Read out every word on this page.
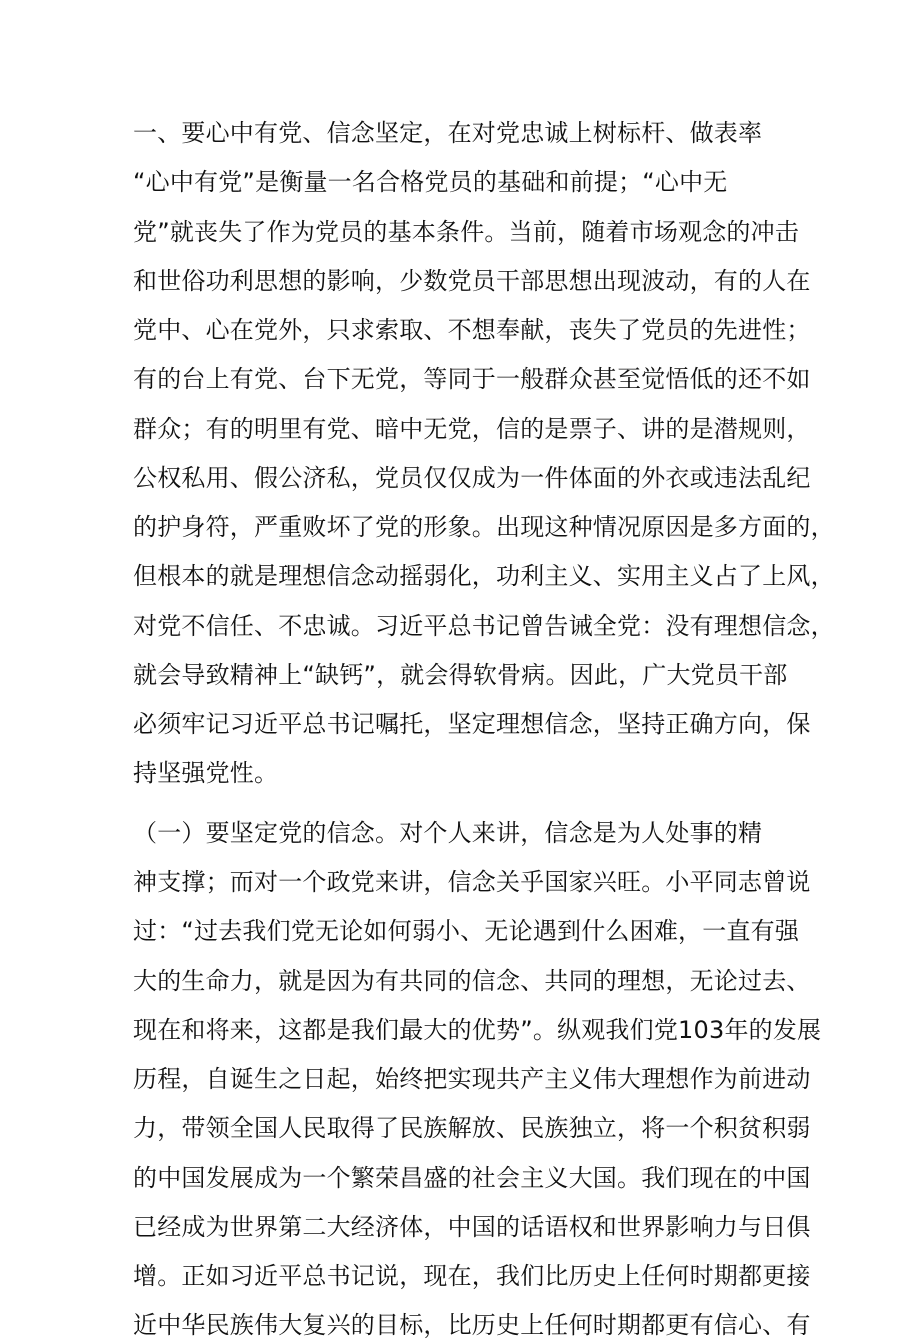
一、要心中有党、信念坚定，在对党忠诚上树标杆、做表率
“心中有党”是衡量一名合格党员的基础和前提；“心中无
党”就丧失了作为党员的基本条件。当前，随着市场观念的冲击
和世俗功利思想的影响，少数党员干部思想出现波动，有的人在
党中、心在党外，只求索取、不想奉献，丧失了党员的先进性；
有的台上有党、台下无党，等同于一般群众甚至觉悟低的还不如
群众；有的明里有党、暗中无党，信的是票子、讲的是潜规则，
公权私用、假公济私，党员仅仅成为一件体面的外衣或违法乱纪
的护身符，严重败坏了党的形象。出现这种情况原因是多方面的，
但根本的就是理想信念动摇弱化，功利主义、实用主义占了上风，
对党不信任、不忠诚。习近平总书记曾告诫全党：没有理想信念，
就会导致精神上“缺钙”，就会得软骨病。因此，广大党员干部
必须牢记习近平总书记嘱托，坚定理想信念，坚持正确方向，保
持坚强党性。
（一）要坚定党的信念。对个人来讲，信念是为人处事的精
神支撑；而对一个政党来讲，信念关乎国家兴旺。小平同志曾说
过：“过去我们党无论如何弱小、无论遇到什么困难，一直有强
大的生命力，就是因为有共同的信念、共同的理想，无论过去、
现在和将来，这都是我们最大的优势”。纵观我们党103年的发展
历程，自诞生之日起，始终把实现共产主义伟大理想作为前进动
力，带领全国人民取得了民族解放、民族独立，将一个积贫积弱
的中国发展成为一个繁荣昌盛的社会主义大国。我们现在的中国
已经成为世界第二大经济体，中国的话语权和世界影响力与日俱
增。正如习近平总书记说，现在，我们比历史上任何时期都更接
近中华民族伟大复兴的目标，比历史上任何时期都更有信心、有
